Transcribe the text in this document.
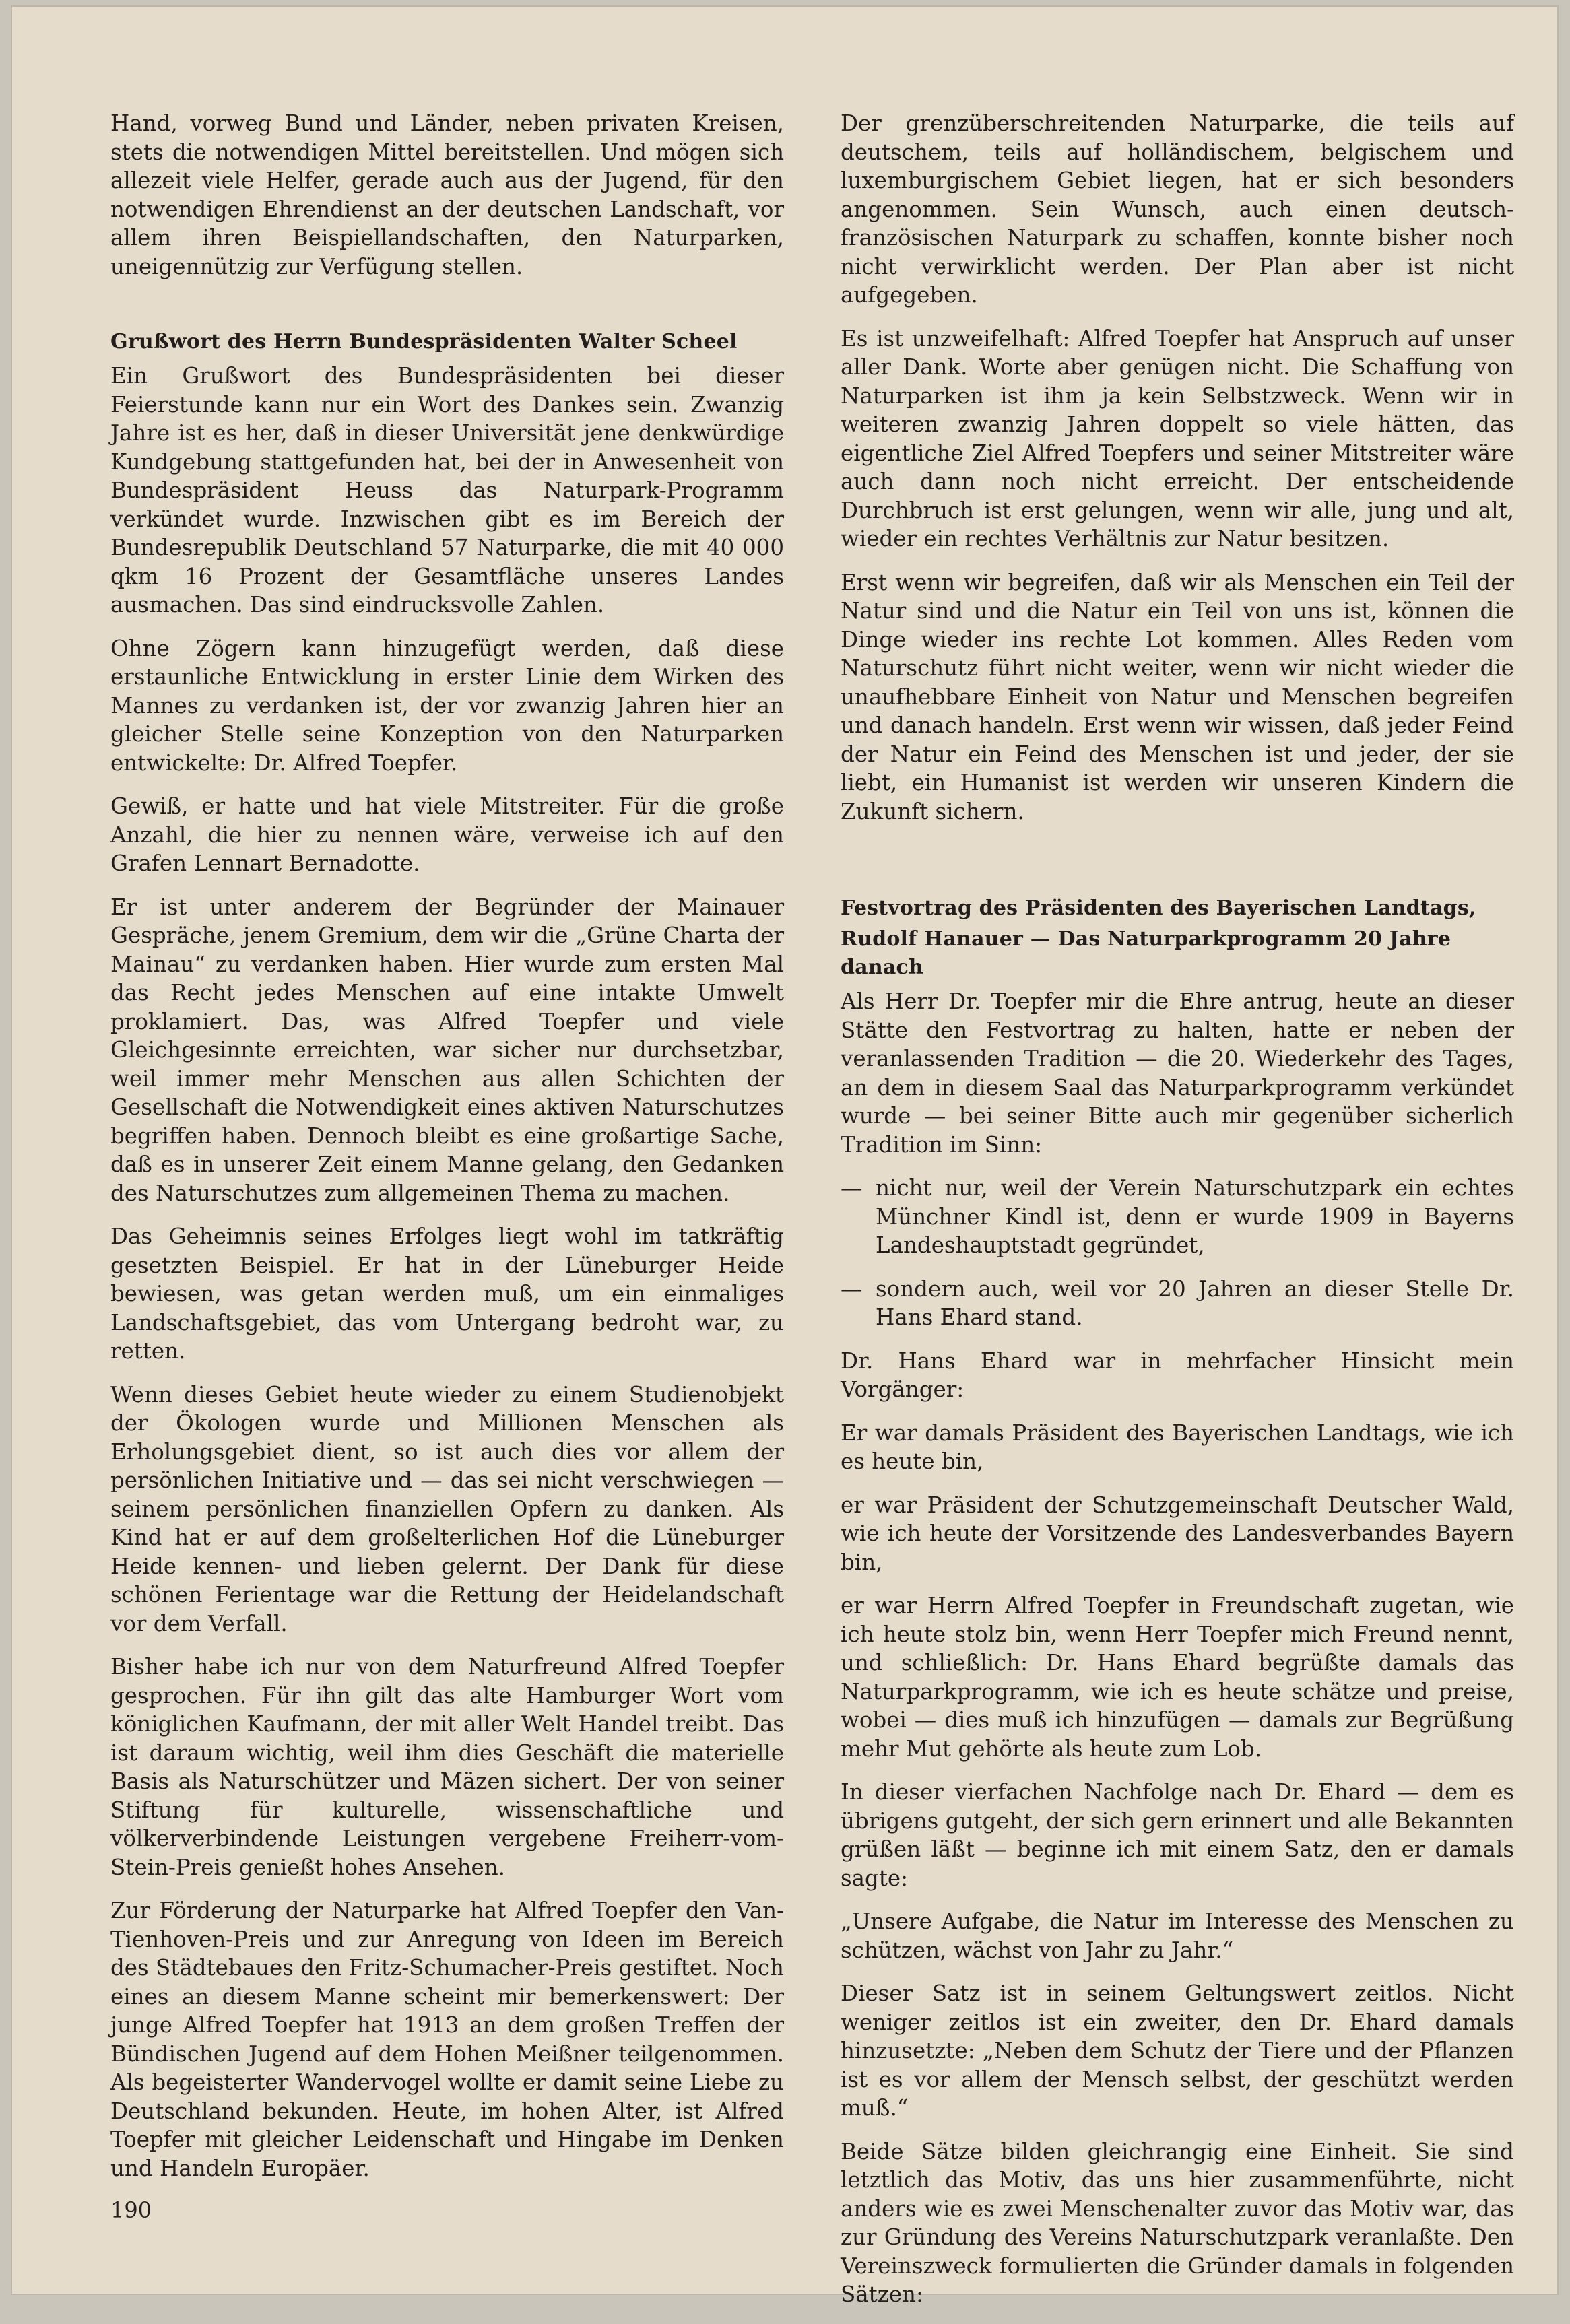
Hand, vorweg Bund und Länder, neben privaten Kreisen, stets die notwendigen Mittel bereitstellen. Und mögen sich allezeit viele Helfer, gerade auch aus der Jugend, für den notwendigen Ehrendienst an der deutschen Landschaft, vor allem ihren Beispiellandschaften, den Naturparken, uneigennützig zur Verfügung stellen.

Grußwort des Herrn Bundespräsidenten Walter Scheel

Ein Grußwort des Bundespräsidenten bei dieser Feierstunde kann nur ein Wort des Dankes sein. Zwanzig Jahre ist es her, daß in dieser Universität jene denkwürdige Kundgebung stattgefunden hat, bei der in Anwesenheit von Bundespräsident Heuss das Naturpark-Programm verkündet wurde. Inzwischen gibt es im Bereich der Bundesrepublik Deutschland 57 Naturparke, die mit 40 000 qkm 16 Prozent der Gesamtfläche unseres Landes ausmachen. Das sind eindrucksvolle Zahlen.

Ohne Zögern kann hinzugefügt werden, daß diese erstaunliche Entwicklung in erster Linie dem Wirken des Mannes zu verdanken ist, der vor zwanzig Jahren hier an gleicher Stelle seine Konzeption von den Naturparken entwickelte: Dr. Alfred Toepfer.

Gewiß, er hatte und hat viele Mitstreiter. Für die große Anzahl, die hier zu nennen wäre, verweise ich auf den Grafen Lennart Bernadotte.

Er ist unter anderem der Begründer der Mainauer Gespräche, jenem Gremium, dem wir die „Grüne Charta der Mainau“ zu verdanken haben. Hier wurde zum ersten Mal das Recht jedes Menschen auf eine intakte Umwelt proklamiert. Das, was Alfred Toepfer und viele Gleichgesinnte erreichten, war sicher nur durchsetzbar, weil immer mehr Menschen aus allen Schichten der Gesellschaft die Notwendigkeit eines aktiven Naturschutzes begriffen haben. Dennoch bleibt es eine großartige Sache, daß es in unserer Zeit einem Manne gelang, den Gedanken des Naturschutzes zum allgemeinen Thema zu machen.

Das Geheimnis seines Erfolges liegt wohl im tatkräftig gesetzten Beispiel. Er hat in der Lüneburger Heide bewiesen, was getan werden muß, um ein einmaliges Landschaftsgebiet, das vom Untergang bedroht war, zu retten.

Wenn dieses Gebiet heute wieder zu einem Studienobjekt der Ökologen wurde und Millionen Menschen als Erholungsgebiet dient, so ist auch dies vor allem der persönlichen Initiative und — das sei nicht verschwiegen — seinem persönlichen finanziellen Opfern zu danken. Als Kind hat er auf dem großelterlichen Hof die Lüneburger Heide kennen- und lieben gelernt. Der Dank für diese schönen Ferientage war die Rettung der Heidelandschaft vor dem Verfall.

Bisher habe ich nur von dem Naturfreund Alfred Toepfer gesprochen. Für ihn gilt das alte Hamburger Wort vom königlichen Kaufmann, der mit aller Welt Handel treibt. Das ist daraum wichtig, weil ihm dies Geschäft die materielle Basis als Naturschützer und Mäzen sichert. Der von seiner Stiftung für kulturelle, wissenschaftliche und völkerverbindende Leistungen vergebene Freiherr-vom-Stein-Preis genießt hohes Ansehen.

Zur Förderung der Naturparke hat Alfred Toepfer den Van-Tienhoven-Preis und zur Anregung von Ideen im Bereich des Städtebaues den Fritz-Schumacher-Preis gestiftet. Noch eines an diesem Manne scheint mir bemerkenswert: Der junge Alfred Toepfer hat 1913 an dem großen Treffen der Bündischen Jugend auf dem Hohen Meißner teilgenommen. Als begeisterter Wandervogel wollte er damit seine Liebe zu Deutschland bekunden. Heute, im hohen Alter, ist Alfred Toepfer mit gleicher Leidenschaft und Hingabe im Denken und Handeln Europäer.

Der grenzüberschreitenden Naturparke, die teils auf deutschem, teils auf holländischem, belgischem und luxemburgischem Gebiet liegen, hat er sich besonders angenommen. Sein Wunsch, auch einen deutsch-französischen Naturpark zu schaffen, konnte bisher noch nicht verwirklicht werden. Der Plan aber ist nicht aufgegeben.

Es ist unzweifelhaft: Alfred Toepfer hat Anspruch auf unser aller Dank. Worte aber genügen nicht. Die Schaffung von Naturparken ist ihm ja kein Selbstzweck. Wenn wir in weiteren zwanzig Jahren doppelt so viele hätten, das eigentliche Ziel Alfred Toepfers und seiner Mitstreiter wäre auch dann noch nicht erreicht. Der entscheidende Durchbruch ist erst gelungen, wenn wir alle, jung und alt, wieder ein rechtes Verhältnis zur Natur besitzen.

Erst wenn wir begreifen, daß wir als Menschen ein Teil der Natur sind und die Natur ein Teil von uns ist, können die Dinge wieder ins rechte Lot kommen. Alles Reden vom Naturschutz führt nicht weiter, wenn wir nicht wieder die unaufhebbare Einheit von Natur und Menschen begreifen und danach handeln. Erst wenn wir wissen, daß jeder Feind der Natur ein Feind des Menschen ist und jeder, der sie liebt, ein Humanist ist werden wir unseren Kindern die Zukunft sichern.

Festvortrag des Präsidenten des Bayerischen Landtags,
Rudolf Hanauer — Das Naturparkprogramm 20 Jahre danach

Als Herr Dr. Toepfer mir die Ehre antrug, heute an dieser Stätte den Festvortrag zu halten, hatte er neben der veranlassenden Tradition — die 20. Wiederkehr des Tages, an dem in diesem Saal das Naturparkprogramm verkündet wurde — bei seiner Bitte auch mir gegenüber sicherlich Tradition im Sinn:

— nicht nur, weil der Verein Naturschutzpark ein echtes Münchner Kindl ist, denn er wurde 1909 in Bayerns Landeshauptstadt gegründet,
— sondern auch, weil vor 20 Jahren an dieser Stelle Dr. Hans Ehard stand.

Dr. Hans Ehard war in mehrfacher Hinsicht mein Vorgänger:

Er war damals Präsident des Bayerischen Landtags, wie ich es heute bin,

er war Präsident der Schutzgemeinschaft Deutscher Wald, wie ich heute der Vorsitzende des Landesverbandes Bayern bin,

er war Herrn Alfred Toepfer in Freundschaft zugetan, wie ich heute stolz bin, wenn Herr Toepfer mich Freund nennt, und schließlich: Dr. Hans Ehard begrüßte damals das Naturparkprogramm, wie ich es heute schätze und preise, wobei — dies muß ich hinzufügen — damals zur Begrüßung mehr Mut gehörte als heute zum Lob.

In dieser vierfachen Nachfolge nach Dr. Ehard — dem es übrigens gutgeht, der sich gern erinnert und alle Bekannten grüßen läßt — beginne ich mit einem Satz, den er damals sagte:

„Unsere Aufgabe, die Natur im Interesse des Menschen zu schützen, wächst von Jahr zu Jahr.“

Dieser Satz ist in seinem Geltungswert zeitlos. Nicht weniger zeitlos ist ein zweiter, den Dr. Ehard damals hinzusetzte: „Neben dem Schutz der Tiere und der Pflanzen ist es vor allem der Mensch selbst, der geschützt werden muß.“

Beide Sätze bilden gleichrangig eine Einheit. Sie sind letztlich das Motiv, das uns hier zusammenführte, nicht anders wie es zwei Menschenalter zuvor das Motiv war, das zur Gründung des Vereins Naturschutzpark veranlaßte. Den Vereinszweck formulierten die Gründer damals in folgenden Sätzen:

190
